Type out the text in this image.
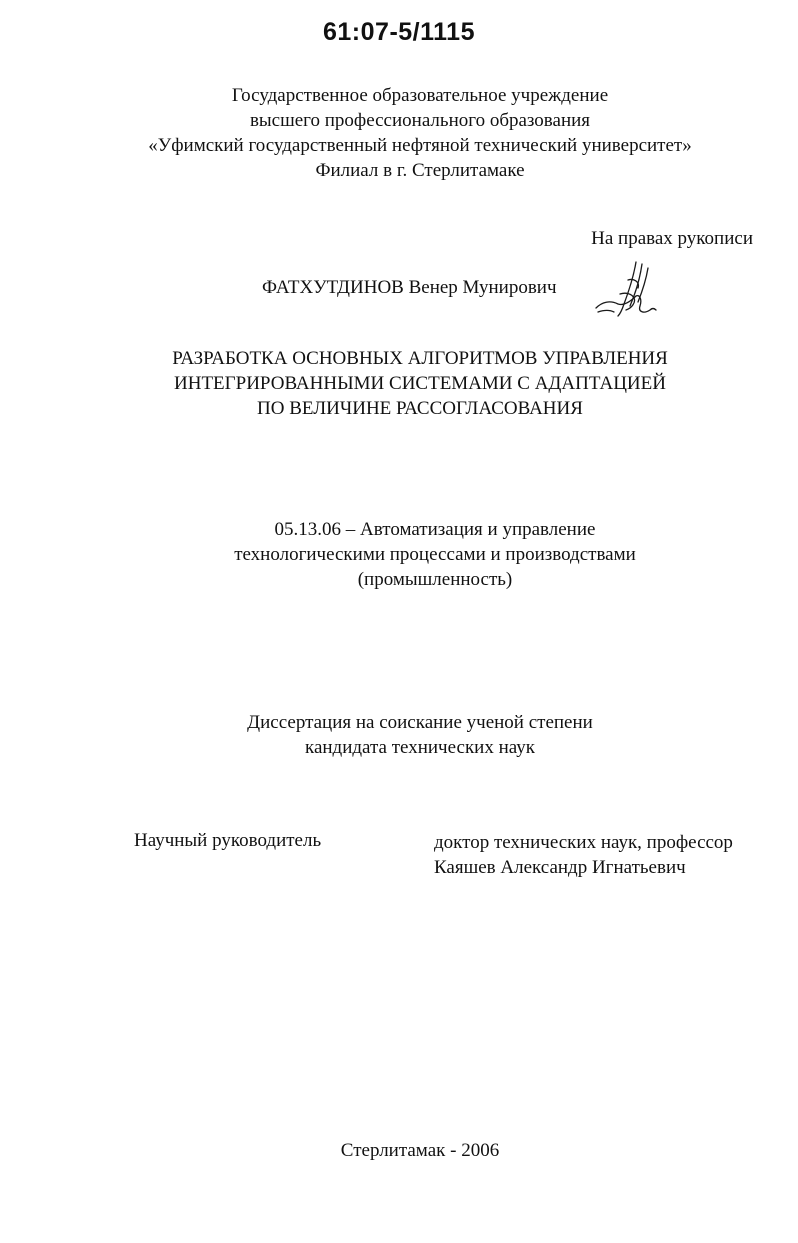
61:07-5/1115
Государственное образовательное учреждение
высшего профессионального образования
«Уфимский государственный нефтяной технический университет»
Филиал в г. Стерлитамаке
На правах рукописи
ФАТХУТДИНОВ Венер Мунирович
РАЗРАБОТКА ОСНОВНЫХ АЛГОРИТМОВ УПРАВЛЕНИЯ
ИНТЕГРИРОВАННЫМИ СИСТЕМАМИ С АДАПТАЦИЕЙ
ПО ВЕЛИЧИНЕ РАССОГЛАСОВАНИЯ
05.13.06 – Автоматизация и управление
технологическими процессами и производствами
(промышленность)
Диссертация на соискание ученой степени
кандидата технических наук
Научный руководитель	доктор технических наук, профессор
Каяшев Александр Игнатьевич
Стерлитамак - 2006
